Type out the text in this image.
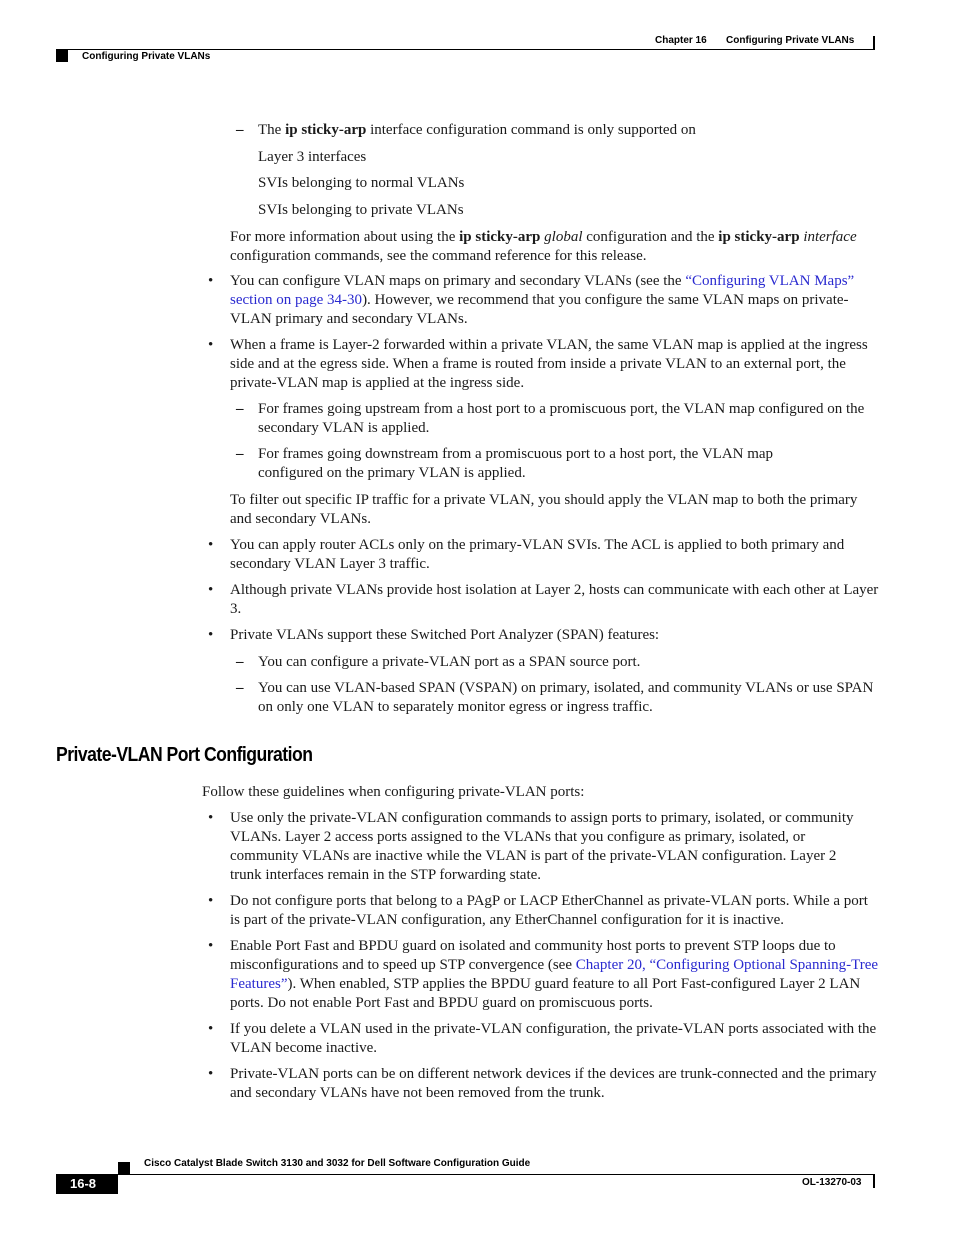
Chapter 16 Configuring Private VLANs
Configuring Private VLANs
– The ip sticky-arp interface configuration command is only supported on
Layer 3 interfaces
SVIs belonging to normal VLANs
SVIs belonging to private VLANs
For more information about using the ip sticky-arp global configuration and the ip sticky-arp interface configuration commands, see the command reference for this release.
• You can configure VLAN maps on primary and secondary VLANs (see the “Configuring VLAN Maps” section on page 34-30). However, we recommend that you configure the same VLAN maps on private-VLAN primary and secondary VLANs.
• When a frame is Layer-2 forwarded within a private VLAN, the same VLAN map is applied at the ingress side and at the egress side. When a frame is routed from inside a private VLAN to an external port, the private-VLAN map is applied at the ingress side.
– For frames going upstream from a host port to a promiscuous port, the VLAN map configured on the secondary VLAN is applied.
– For frames going downstream from a promiscuous port to a host port, the VLAN map configured on the primary VLAN is applied.
To filter out specific IP traffic for a private VLAN, you should apply the VLAN map to both the primary and secondary VLANs.
• You can apply router ACLs only on the primary-VLAN SVIs. The ACL is applied to both primary and secondary VLAN Layer 3 traffic.
• Although private VLANs provide host isolation at Layer 2, hosts can communicate with each other at Layer 3.
• Private VLANs support these Switched Port Analyzer (SPAN) features:
– You can configure a private-VLAN port as a SPAN source port.
– You can use VLAN-based SPAN (VSPAN) on primary, isolated, and community VLANs or use SPAN on only one VLAN to separately monitor egress or ingress traffic.
Private-VLAN Port Configuration
Follow these guidelines when configuring private-VLAN ports:
• Use only the private-VLAN configuration commands to assign ports to primary, isolated, or community VLANs. Layer 2 access ports assigned to the VLANs that you configure as primary, isolated, or community VLANs are inactive while the VLAN is part of the private-VLAN configuration. Layer 2 trunk interfaces remain in the STP forwarding state.
• Do not configure ports that belong to a PAgP or LACP EtherChannel as private-VLAN ports. While a port is part of the private-VLAN configuration, any EtherChannel configuration for it is inactive.
• Enable Port Fast and BPDU guard on isolated and community host ports to prevent STP loops due to misconfigurations and to speed up STP convergence (see Chapter 20, “Configuring Optional Spanning-Tree Features”). When enabled, STP applies the BPDU guard feature to all Port Fast-configured Layer 2 LAN ports. Do not enable Port Fast and BPDU guard on promiscuous ports.
• If you delete a VLAN used in the private-VLAN configuration, the private-VLAN ports associated with the VLAN become inactive.
• Private-VLAN ports can be on different network devices if the devices are trunk-connected and the primary and secondary VLANs have not been removed from the trunk.
Cisco Catalyst Blade Switch 3130 and 3032 for Dell Software Configuration Guide
16-8	OL-13270-03
